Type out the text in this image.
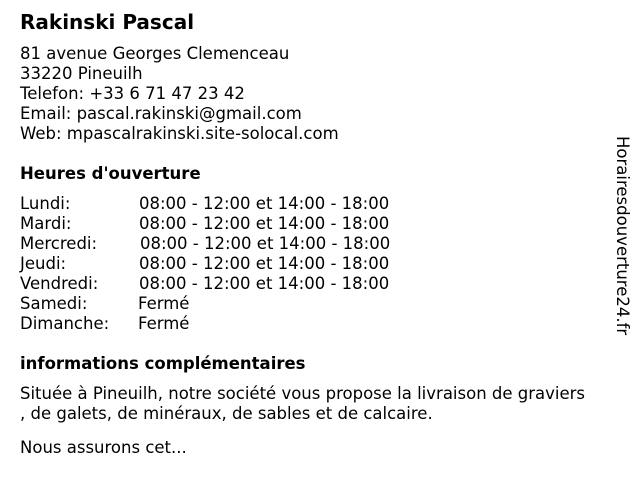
Rakinski Pascal
81 avenue Georges Clemenceau
33220 Pineuilh
Telefon: +33 6 71 47 23 42
Email: pascal.rakinski@gmail.com
Web: mpascalrakinski.site-solocal.com
Heures d'ouverture
Lundi:	08:00 - 12:00 et 14:00 - 18:00
Mardi:	08:00 - 12:00 et 14:00 - 18:00
Mercredi:	08:00 - 12:00 et 14:00 - 18:00
Jeudi:	08:00 - 12:00 et 14:00 - 18:00
Vendredi: 08:00 - 12:00 et 14:00 - 18:00
Samedi:	Fermé
Dimanche: Fermé
informations complémentaires
Située à Pineuilh, notre société vous propose la livraison de graviers
, de galets, de minéraux, de sables et de calcaire.
Nous assurons cet...
Horairesdouverture24.fr
